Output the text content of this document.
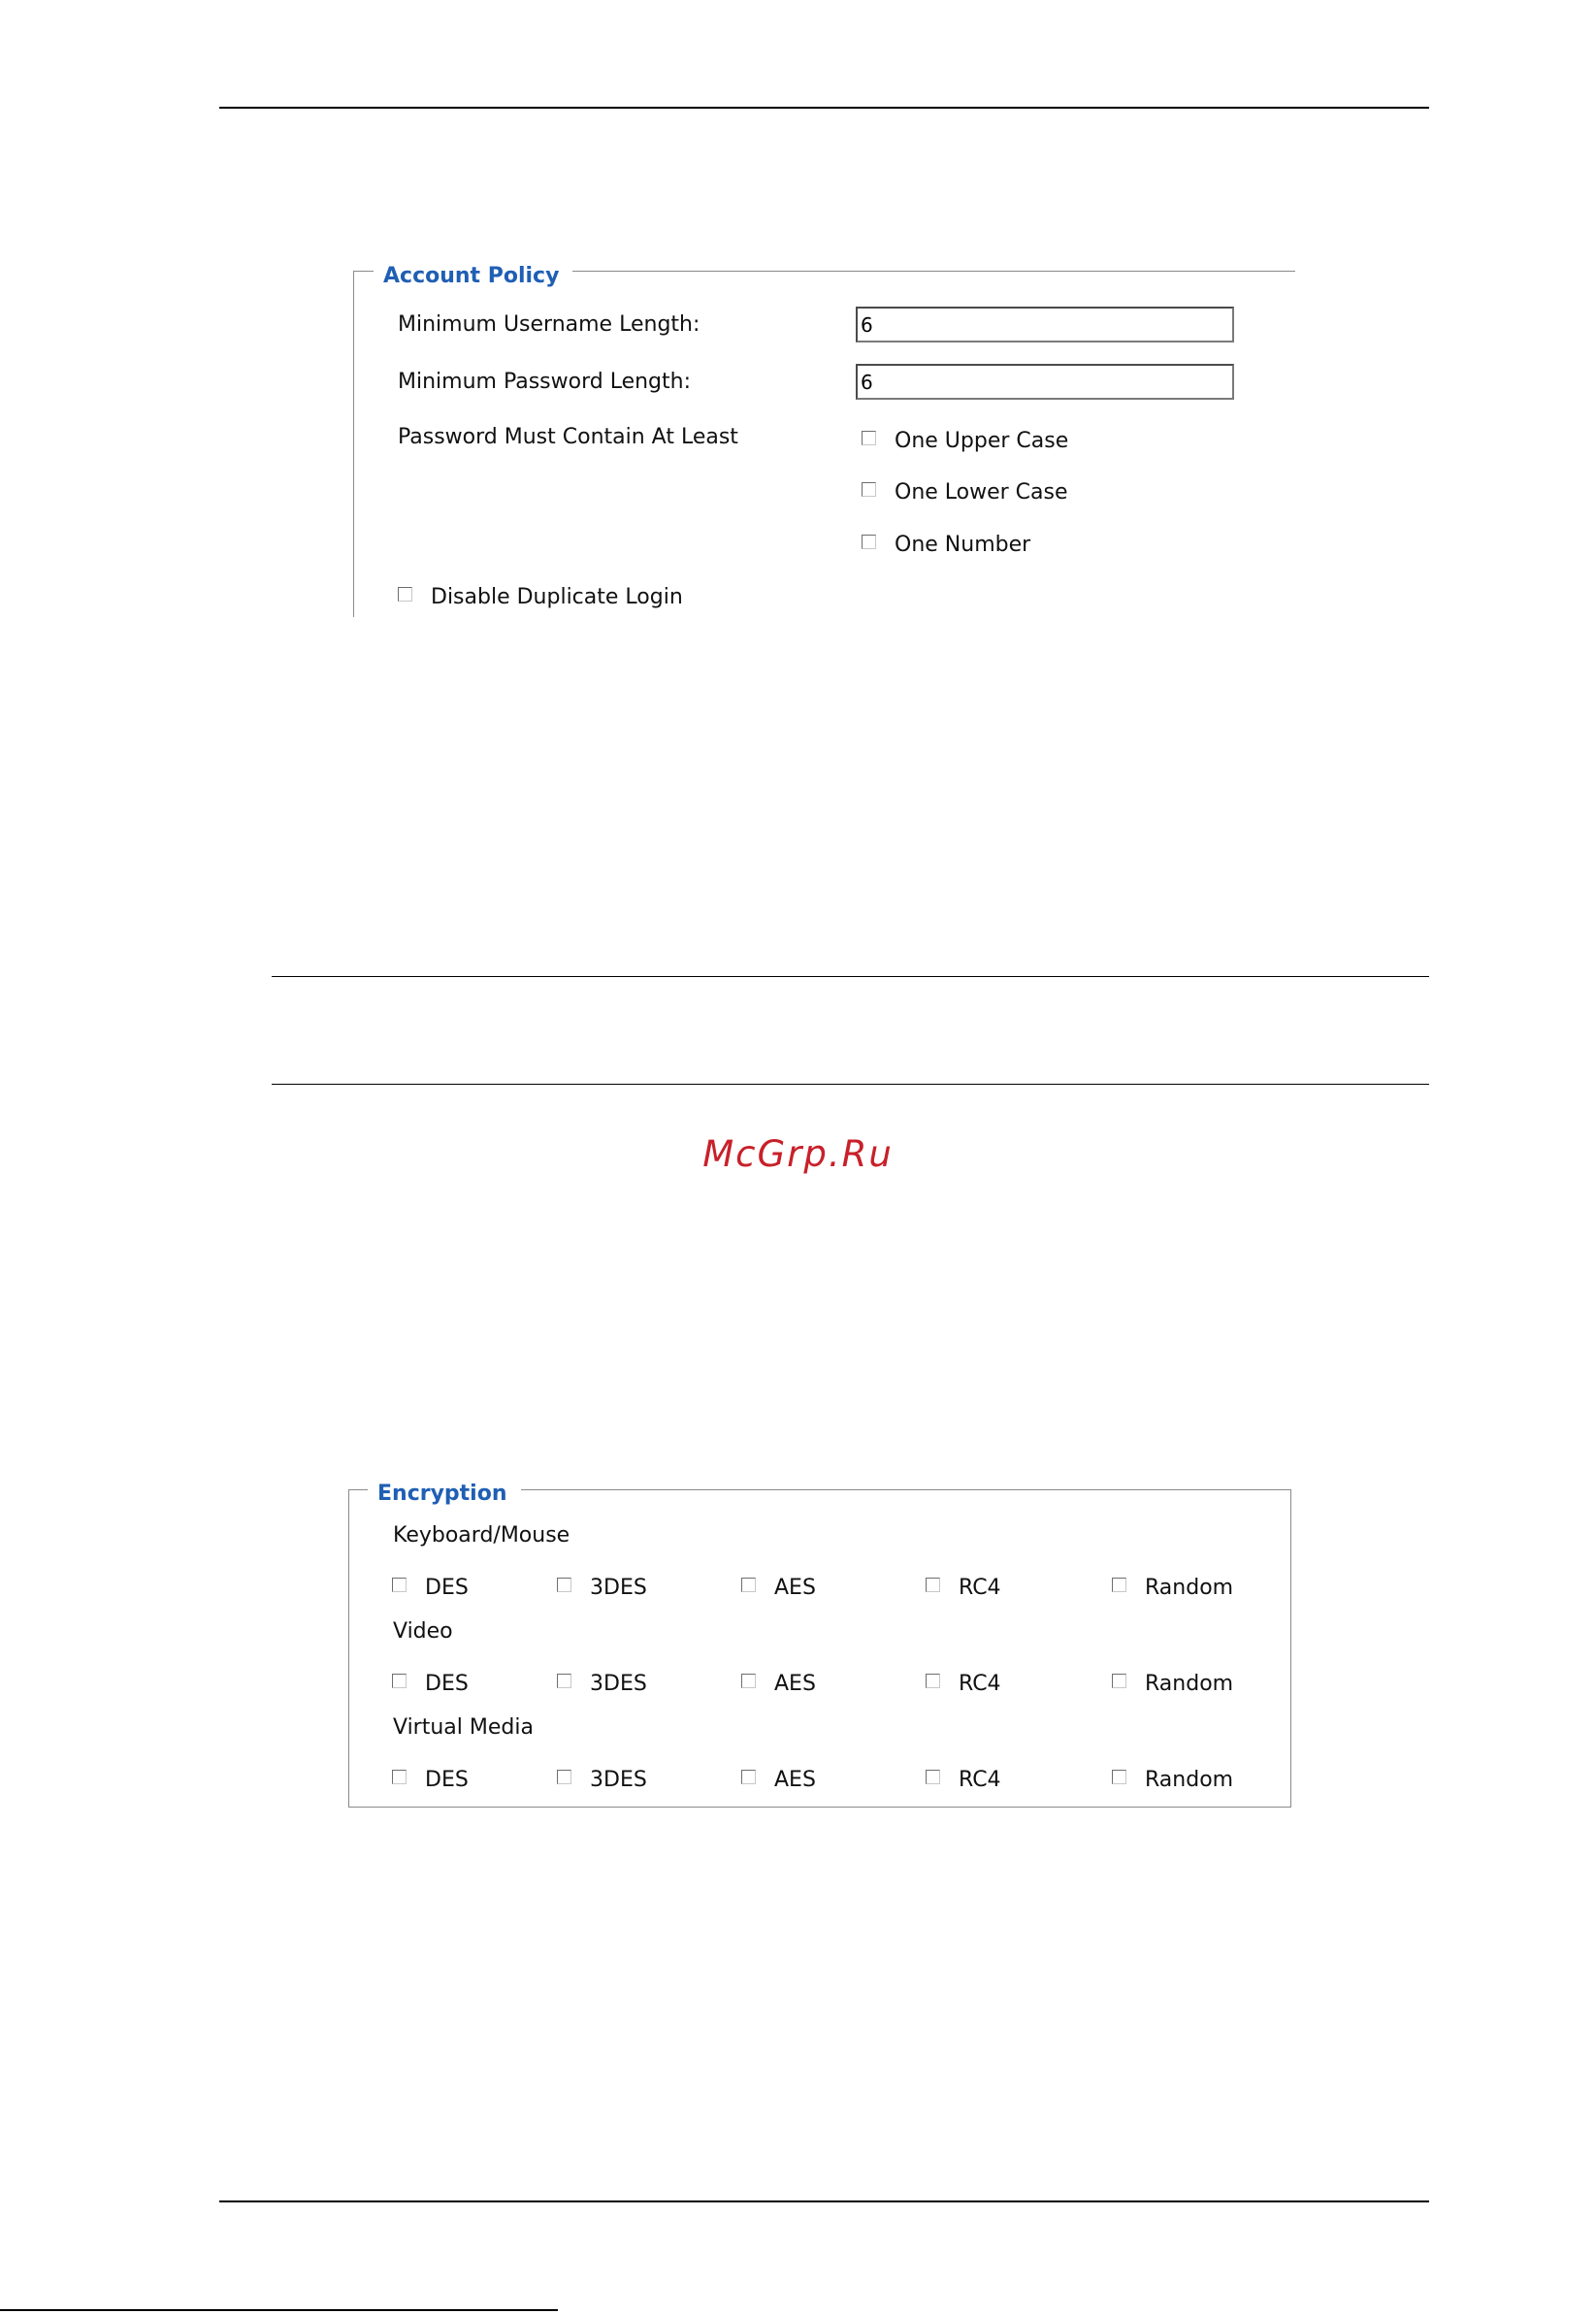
Account Policy
Minimum Username Length:
6
Minimum Password Length:
6
Password Must Contain At Least	One Upper Case
One Lower Case
One Number
Disable Duplicate Login
McGrp.Ru
Encryption
Keyboard/Mouse
DES	3DES	AES	RC4	Random
Video
DES	3DES	AES	RC4	Random
Virtual Media
DES	3DES	AES	RC4	Random
